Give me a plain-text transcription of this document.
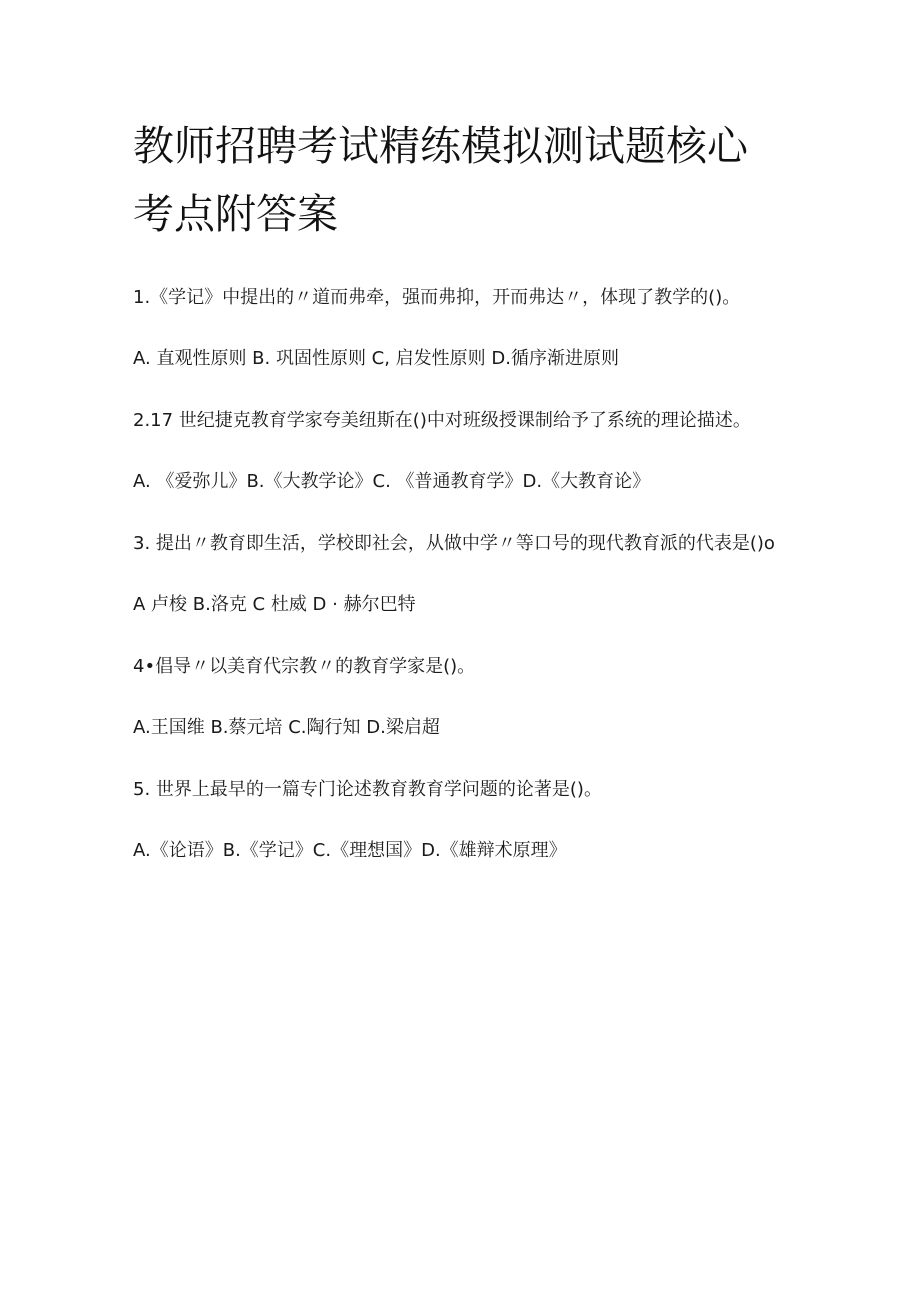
教师招聘考试精练模拟测试题核心考点附答案

1.《学记》中提出的〃道而弗牵，强而弗抑，开而弗达〃，体现了教学的()。

A. 直观性原则 B. 巩固性原则 C, 启发性原则 D.循序渐进原则

2.17 世纪捷克教育学家夸美纽斯在()中对班级授课制给予了系统的理论描述。

A. 《爱弥儿》B.《大教学论》C. 《普通教育学》D.《大教育论》

3. 提出〃教育即生活，学校即社会，从做中学〃等口号的现代教育派的代表是()o

A 卢梭 B.洛克 C 杜威 D · 赫尔巴特

4•倡导〃以美育代宗教〃的教育学家是()。

A.王国维 B.蔡元培 C.陶行知 D.梁启超

5. 世界上最早的一篇专门论述教育教育学问题的论著是()。

A.《论语》B.《学记》C.《理想国》D.《雄辩术原理》
